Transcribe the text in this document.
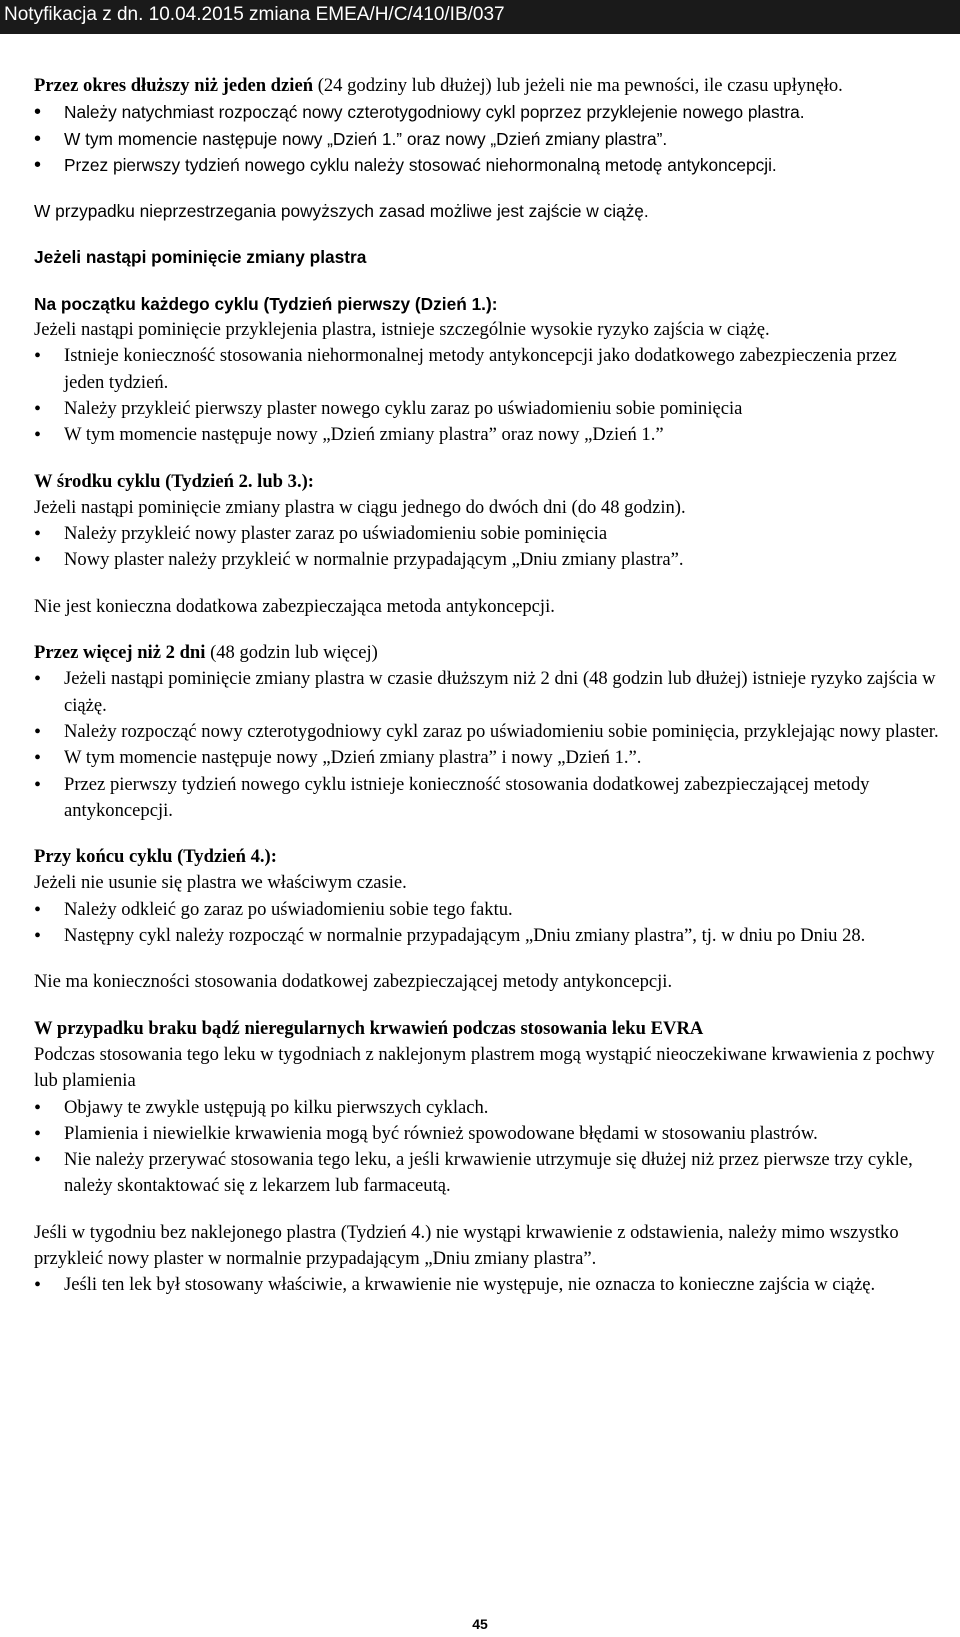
Notyfikacja z dn. 10.04.2015 zmiana EMEA/H/C/410/IB/037

Przez okres dłuższy niż jeden dzień (24 godziny lub dłużej) lub jeżeli nie ma pewności, ile czasu upłynęło.

• Należy natychmiast rozpocząć nowy czterotygodniowy cykl poprzez przyklejenie nowego plastra.
• W tym momencie następuje nowy „Dzień 1.” oraz nowy „Dzień zmiany plastra”.
• Przez pierwszy tydzień nowego cyklu należy stosować niehormonalną metodę antykoncepcji.

W przypadku nieprzestrzegania powyższych zasad możliwe jest zajście w ciążę.

Jeżeli nastąpi pominięcie zmiany plastra

Na początku każdego cyklu (Tydzień pierwszy (Dzień 1.):

Jeżeli nastąpi pominięcie przyklejenia plastra, istnieje szczególnie wysokie ryzyko zajścia w ciążę.

• Istnieje konieczność stosowania niehormonalnej metody antykoncepcji jako dodatkowego zabezpieczenia przez jeden tydzień.
• Należy przykleić pierwszy plaster nowego cyklu zaraz po uświadomieniu sobie pominięcia
• W tym momencie następuje nowy „Dzień zmiany plastra” oraz nowy „Dzień 1.”

W środku cyklu (Tydzień 2. lub 3.):

Jeżeli nastąpi pominięcie zmiany plastra w ciągu jednego do dwóch dni (do 48 godzin).

• Należy przykleić nowy plaster zaraz po uświadomieniu sobie pominięcia
• Nowy plaster należy przykleić w normalnie przypadającym „Dniu zmiany plastra”.

Nie jest konieczna dodatkowa zabezpieczająca metoda antykoncepcji.

Przez więcej niż 2 dni (48 godzin lub więcej)

• Jeżeli nastąpi pominięcie zmiany plastra w czasie dłuższym niż 2 dni (48 godzin lub dłużej) istnieje ryzyko zajścia w ciążę.
• Należy rozpocząć nowy czterotygodniowy cykl zaraz po uświadomieniu sobie pominięcia, przyklejając nowy plaster.
• W tym momencie następuje nowy „Dzień zmiany plastra” i nowy „Dzień 1.”.
• Przez pierwszy tydzień nowego cyklu istnieje konieczność stosowania dodatkowej zabezpieczającej metody antykoncepcji.

Przy końcu cyklu (Tydzień 4.):

Jeżeli nie usunie się plastra we właściwym czasie.

• Należy odkleić go zaraz po uświadomieniu sobie tego faktu.
• Następny cykl należy rozpocząć w normalnie przypadającym „Dniu zmiany plastra”, tj. w dniu po Dniu 28.

Nie ma konieczności stosowania dodatkowej zabezpieczającej metody antykoncepcji.

W przypadku braku bądź nieregularnych krwawień podczas stosowania leku EVRA

Podczas stosowania tego leku w tygodniach z naklejonym plastrem mogą wystąpić nieoczekiwane krwawienia z pochwy lub plamienia

• Objawy te zwykle ustępują po kilku pierwszych cyklach.
• Plamienia i niewielkie krwawienia mogą być również spowodowane błędami w stosowaniu plastrów.
• Nie należy przerywać stosowania tego leku, a jeśli krwawienie utrzymuje się dłużej niż przez pierwsze trzy cykle, należy skontaktować się z lekarzem lub farmaceutą.

Jeśli w tygodniu bez naklejonego plastra (Tydzień 4.) nie wystąpi krwawienie z odstawienia, należy mimo wszystko przykleić nowy plaster w normalnie przypadającym „Dniu zmiany plastra”.

• Jeśli ten lek był stosowany właściwie, a krwawienie nie występuje, nie oznacza to konieczne zajścia w ciążę.
45
